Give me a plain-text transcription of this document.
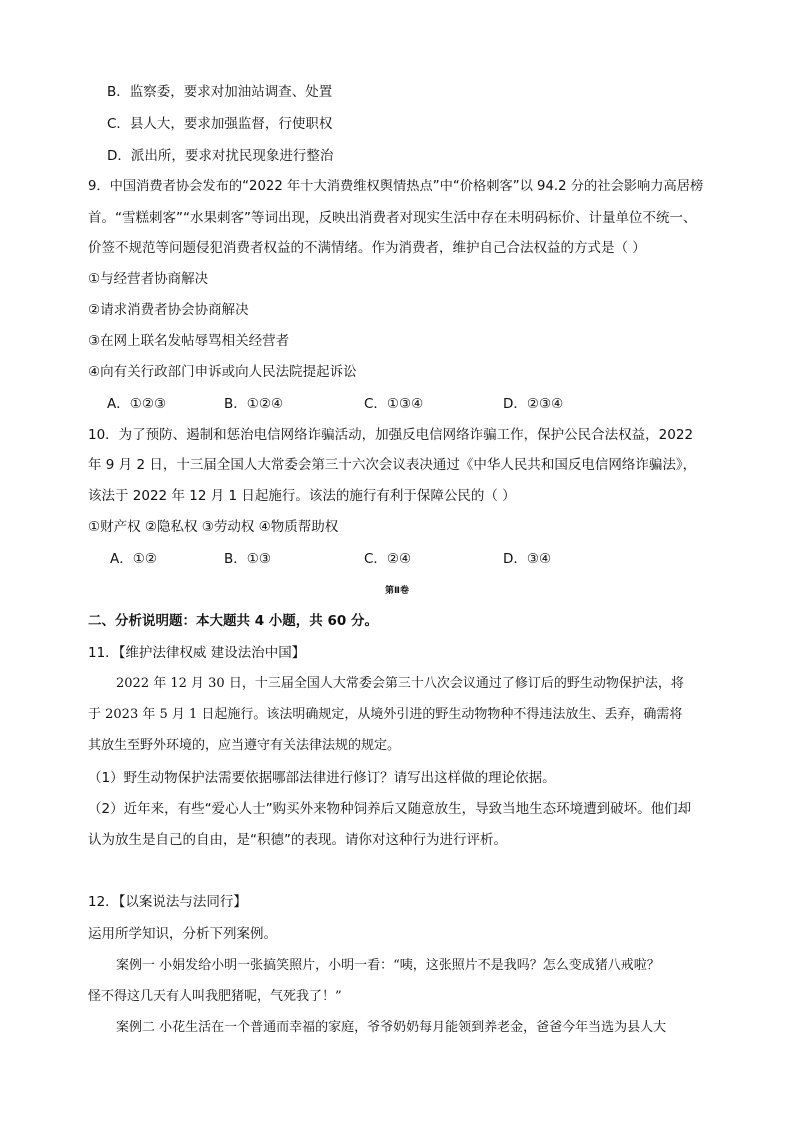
B．监察委，要求对加油站调查、处置
C．县人大，要求加强监督，行使职权
D．派出所，要求对扰民现象进行整治
9．中国消费者协会发布的“2022 年十大消费维权舆情热点”中“价格刺客”以 94.2 分的社会影响力高居榜
首。“雪糕刺客”“水果刺客”等词出现，反映出消费者对现实生活中存在未明码标价、计量单位不统一、
价签不规范等问题侵犯消费者权益的不满情绪。作为消费者，维护自己合法权益的方式是（ ）
①与经营者协商解决
②请求消费者协会协商解决
③在网上联名发帖辱骂相关经营者
④向有关行政部门申诉或向人民法院提起诉讼
A．①②③	B．①②④	C．①③④	D．②③④
10．为了预防、遏制和惩治电信网络诈骗活动，加强反电信网络诈骗工作，保护公民合法权益，2022
年 9 月 2 日，十三届全国人大常委会第三十六次会议表决通过《中华人民共和国反电信网络诈骗法》，
该法于 2022 年 12 月 1 日起施行。该法的施行有利于保障公民的（ ）
①财产权 ②隐私权 ③劳动权 ④物质帮助权
A．①②	B．①③	C．②④	D．③④
第Ⅱ卷
二、分析说明题：本大题共 4 小题，共 60 分。
11．【维护法律权威 建设法治中国】
2022 年 12 月 30 日，十三届全国人大常委会第三十八次会议通过了修订后的野生动物保护法，将
于 2023 年 5 月 1 日起施行。该法明确规定，从境外引进的野生动物物种不得违法放生、丢弃，确需将
其放生至野外环境的，应当遵守有关法律法规的规定。
（1）野生动物保护法需要依据哪部法律进行修订？请写出这样做的理论依据。
（2）近年来，有些“爱心人士”购买外来物种饲养后又随意放生，导致当地生态环境遭到破坏。他们却
认为放生是自己的自由，是“积德”的表现。请你对这种行为进行评析。
12．【以案说法与法同行】
运用所学知识，分析下列案例。
案例一 小娟发给小明一张搞笑照片，小明一看：“咦，这张照片不是我吗？怎么变成猪八戒啦？
怪不得这几天有人叫我肥猪呢，气死我了！”
案例二 小花生活在一个普通而幸福的家庭，爷爷奶奶每月能领到养老金，爸爸今年当选为县人大
